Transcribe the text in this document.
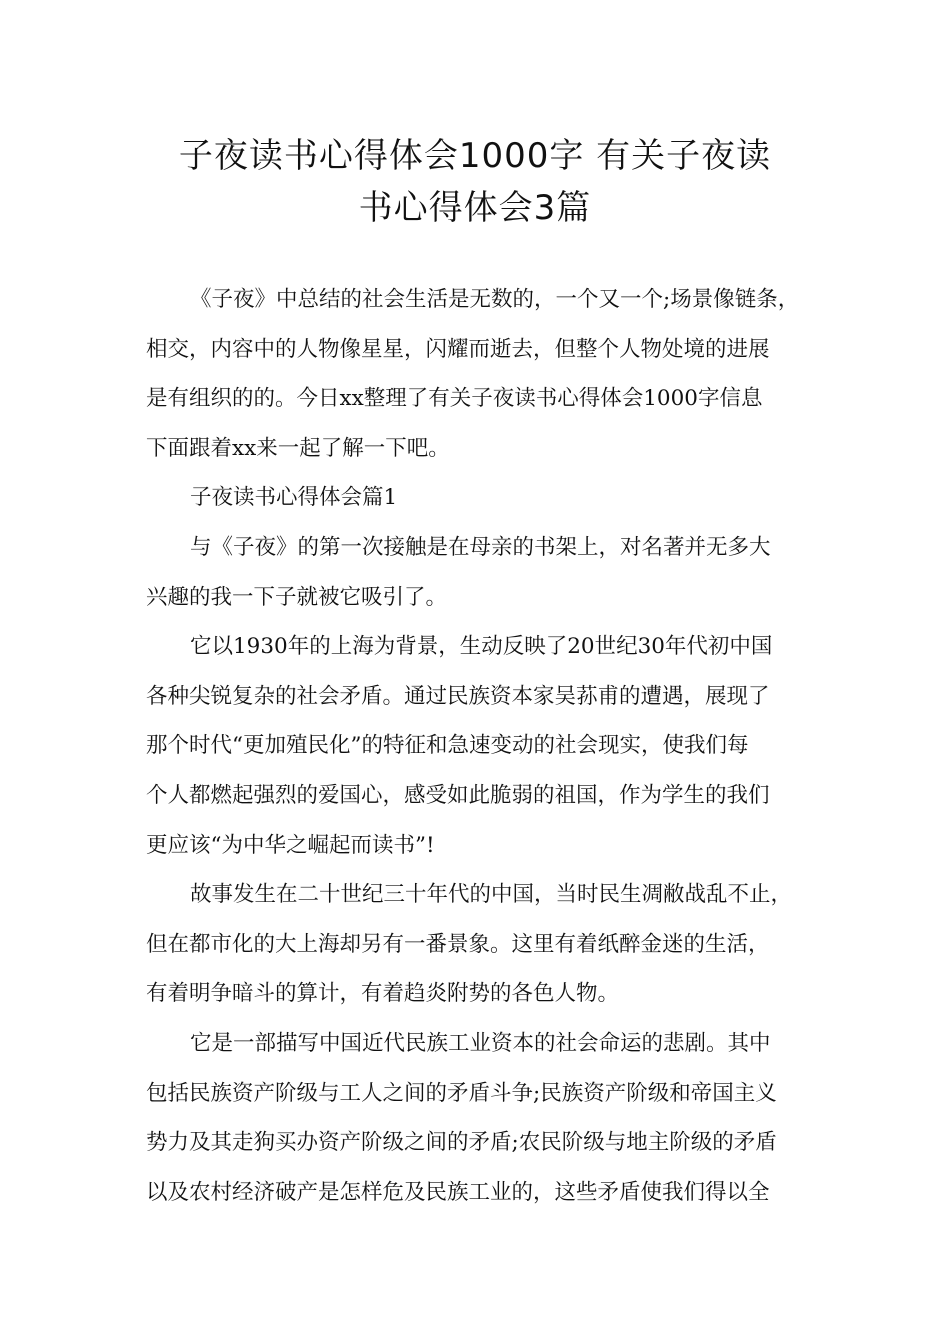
子夜读书心得体会1000字 有关子夜读
书心得体会3篇
《子夜》中总结的社会生活是无数的，一个又一个;场景像链条，
相交，内容中的人物像星星，闪耀而逝去，但整个人物处境的进展
是有组织的的。今日xx整理了有关子夜读书心得体会1000字信息
下面跟着xx来一起了解一下吧。
子夜读书心得体会篇1
与《子夜》的第一次接触是在母亲的书架上，对名著并无多大
兴趣的我一下子就被它吸引了。
它以1930年的上海为背景，生动反映了20世纪30年代初中国
各种尖锐复杂的社会矛盾。通过民族资本家吴荪甫的遭遇，展现了
那个时代“更加殖民化”的特征和急速变动的社会现实，使我们每
个人都燃起强烈的爱国心，感受如此脆弱的祖国，作为学生的我们
更应该“为中华之崛起而读书”!
故事发生在二十世纪三十年代的中国，当时民生凋敝战乱不止，
但在都市化的大上海却另有一番景象。这里有着纸醉金迷的生活，
有着明争暗斗的算计，有着趋炎附势的各色人物。
它是一部描写中国近代民族工业资本的社会命运的悲剧。其中
包括民族资产阶级与工人之间的矛盾斗争;民族资产阶级和帝国主义
势力及其走狗买办资产阶级之间的矛盾;农民阶级与地主阶级的矛盾
以及农村经济破产是怎样危及民族工业的，这些矛盾使我们得以全
